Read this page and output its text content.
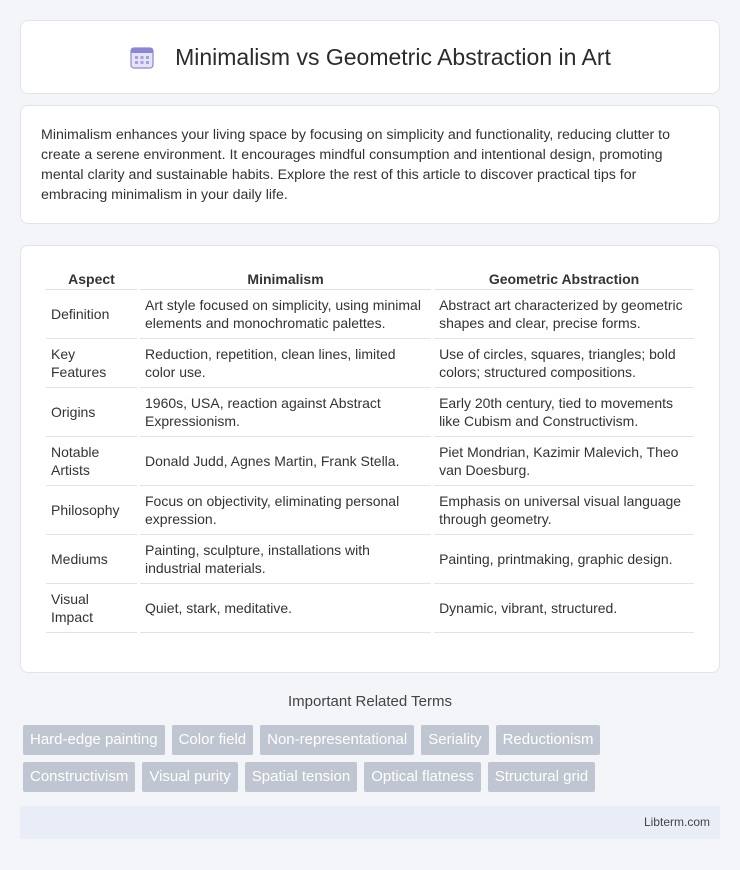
Minimalism vs Geometric Abstraction in Art

Minimalism enhances your living space by focusing on simplicity and functionality, reducing clutter to create a serene environment. It encourages mindful consumption and intentional design, promoting mental clarity and sustainable habits. Explore the rest of this article to discover practical tips for embracing minimalism in your daily life.

Aspect	Minimalism	Geometric Abstraction
Definition	Art style focused on simplicity, using minimal elements and monochromatic palettes.	Abstract art characterized by geometric shapes and clear, precise forms.
Key Features	Reduction, repetition, clean lines, limited color use.	Use of circles, squares, triangles; bold colors; structured compositions.
Origins	1960s, USA, reaction against Abstract Expressionism.	Early 20th century, tied to movements like Cubism and Constructivism.
Notable Artists	Donald Judd, Agnes Martin, Frank Stella.	Piet Mondrian, Kazimir Malevich, Theo van Doesburg.
Philosophy	Focus on objectivity, eliminating personal expression.	Emphasis on universal visual language through geometry.
Mediums	Painting, sculpture, installations with industrial materials.	Painting, printmaking, graphic design.
Visual Impact	Quiet, stark, meditative.	Dynamic, vibrant, structured.
Important Related Terms
Hard-edge painting	Color field	Non-representational	Seriality	Reductionism
Constructivism	Visual purity	Spatial tension	Optical flatness	Structural grid
Libterm.com
